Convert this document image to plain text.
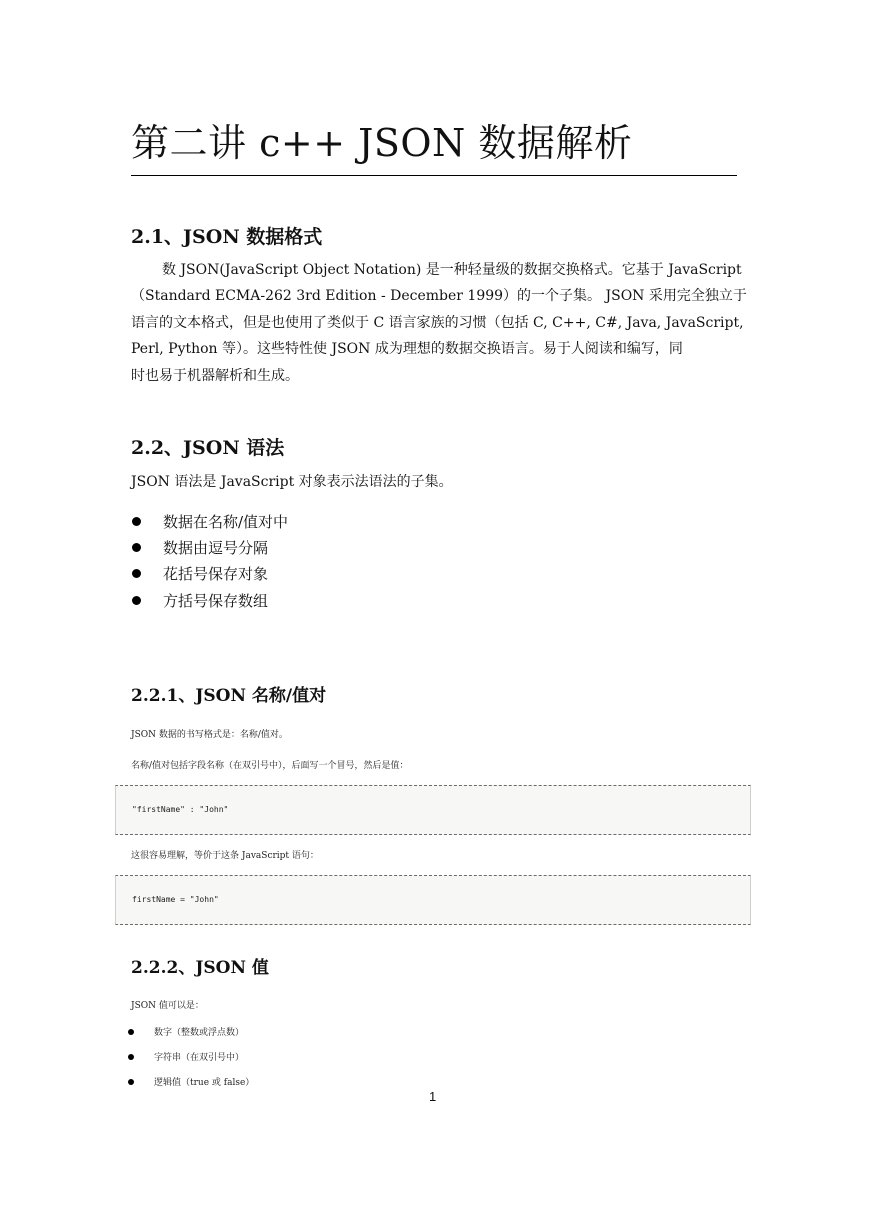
第二讲 c++ JSON 数据解析
2.1、JSON 数据格式
数 JSON(JavaScript Object Notation) 是一种轻量级的数据交换格式。它基于 JavaScript
（Standard ECMA-262 3rd Edition - December 1999）的一个子集。 JSON 采用完全独立于
语言的文本格式，但是也使用了类似于 C 语言家族的习惯（包括 C, C++, C#, Java, JavaScript,
Perl, Python 等）。这些特性使 JSON 成为理想的数据交换语言。易于人阅读和编写，同
时也易于机器解析和生成。
2.2、JSON 语法
JSON 语法是 JavaScript 对象表示法语法的子集。
数据在名称/值对中
数据由逗号分隔
花括号保存对象
方括号保存数组
2.2.1、JSON 名称/值对
JSON 数据的书写格式是：名称/值对。
名称/值对包括字段名称（在双引号中），后面写一个冒号，然后是值：
"firstName" : "John"
这很容易理解，等价于这条 JavaScript 语句：
firstName = "John"
2.2.2、JSON 值
JSON 值可以是：
数字（整数或浮点数）
字符串（在双引号中）
逻辑值（true 或 false）
1
